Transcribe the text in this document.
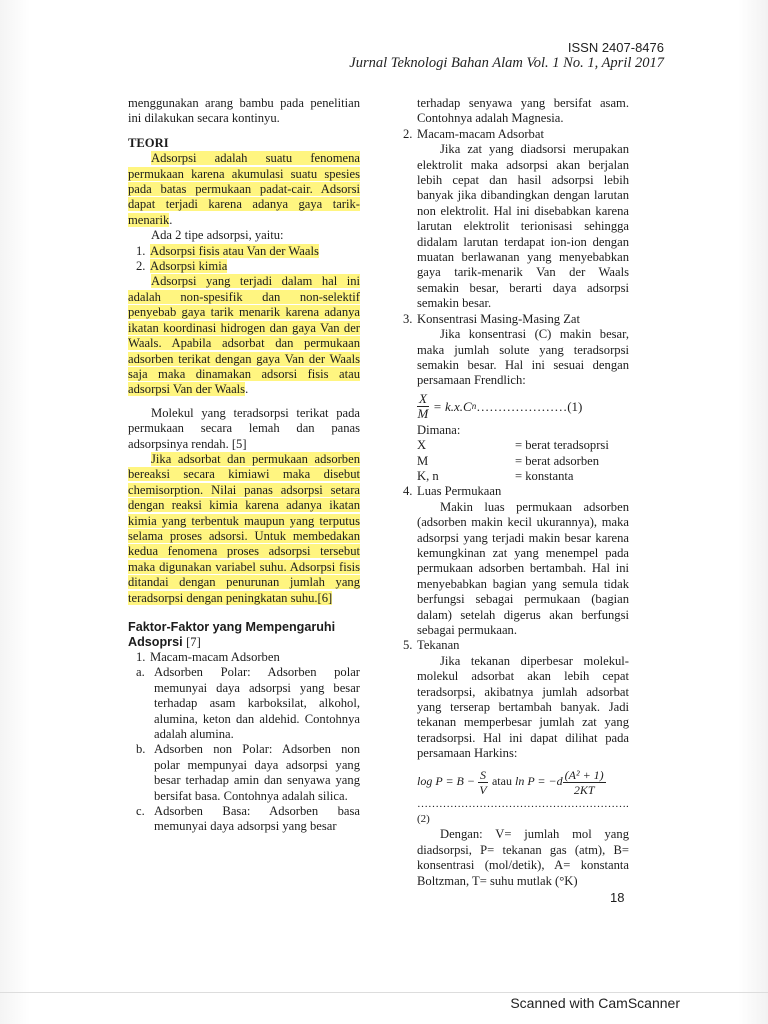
ISSN 2407-8476
Jurnal Teknologi Bahan Alam Vol. 1 No. 1, April 2017

menggunakan arang bambu pada penelitian ini dilakukan secara kontinyu.

TEORI

Adsorpsi adalah suatu fenomena permukaan karena akumulasi suatu spesies pada batas permukaan padat-cair. Adsorsi dapat terjadi karena adanya gaya tarik-menarik.

Ada 2 tipe adsorpsi, yaitu:

1. Adsorpsi fisis atau Van der Waals
2. Adsorpsi kimia

Adsorpsi yang terjadi dalam hal ini adalah non-spesifik dan non-selektif penyebab gaya tarik menarik karena adanya ikatan koordinasi hidrogen dan gaya Van der Waals. Apabila adsorbat dan permukaan adsorben terikat dengan gaya Van der Waals saja maka dinamakan adsorsi fisis atau adsorpsi Van der Waals.

Molekul yang teradsorpsi terikat pada permukaan secara lemah dan panas adsorpsinya rendah. [5]

Jika adsorbat dan permukaan adsorben bereaksi secara kimiawi maka disebut chemisorption. Nilai panas adsorpsi setara dengan reaksi kimia karena adanya ikatan kimia yang terbentuk maupun yang terputus selama proses adsorsi. Untuk membedakan kedua fenomena proses adsorpsi tersebut maka digunakan variabel suhu. Adsorpsi fisis ditandai dengan penurunan jumlah yang teradsorpsi dengan peningkatan suhu.[6]

Faktor-Faktor yang Mempengaruhi Adsoprsi [7]
1. Macam-macam Adsorben
a. Adsorben Polar: Adsorben polar memunyai daya adsorpsi yang besar terhadap asam karboksilat, alkohol, alumina, keton dan aldehid. Contohnya adalah alumina.
b. Adsorben non Polar: Adsorben non polar mempunyai daya adsorpsi yang besar terhadap amin dan senyawa yang bersifat basa. Contohnya adalah silica.
c. Adsorben Basa: Adsorben basa memunyai daya adsorpsi yang besar

terhadap senyawa yang bersifat asam. Contohnya adalah Magnesia.

2. Macam-macam Adsorbat

Jika zat yang diadsorsi merupakan elektrolit maka adsorpsi akan berjalan lebih cepat dan hasil adsorpsi lebih banyak jika dibandingkan dengan larutan non elektrolit. Hal ini disebabkan karena larutan elektrolit terionisasi sehingga didalam larutan terdapat ion-ion dengan muatan berlawanan yang menyebabkan gaya tarik-menarik Van der Waals semakin besar, berarti daya adsorpsi semakin besar.

3. Konsentrasi Masing-Masing Zat

Jika konsentrasi (C) makin besar, maka jumlah solute yang teradsorpsi semakin besar. Hal ini sesuai dengan persamaan Frendlich:

$\frac{X}{M} = k.x.C$ n …………………(1)
Dimana:
X	= berat teradsoprsi
M	= berat adsorben
K, n	= konstanta
4. Luas Permukaan

Makin luas permukaan adsorben (adsorben makin kecil ukurannya), maka adsorpsi yang terjadi makin besar karena kemungkinan zat yang menempel pada permukaan adsorben bertambah. Hal ini menyebabkan bagian yang semula tidak berfungsi sebagai permukaan (bagian dalam) setelah digerus akan berfungsi sebagai permukaan.

5. Tekanan

Jika tekanan diperbesar molekul-molekul adsorbat akan lebih cepat teradsorpsi, akibatnya jumlah adsorbat yang terserap bertambah banyak. Jadi tekanan memperbesar jumlah zat yang teradsorpsi. Hal ini dapat dilihat pada persamaan Harkins:

log P = B −
$\frac{S}{V}$ atau
$\ln P = -d \frac{\text{(A² + 1)}}{2KT}$
………………………………………………….(2)

Dengan: V= jumlah mol yang diadsorpsi, P= tekanan gas (atm), B= konsentrasi (mol/detik), A= konstanta Boltzman, T= suhu mutlak (°K)

18
Scanned with CamScanner
